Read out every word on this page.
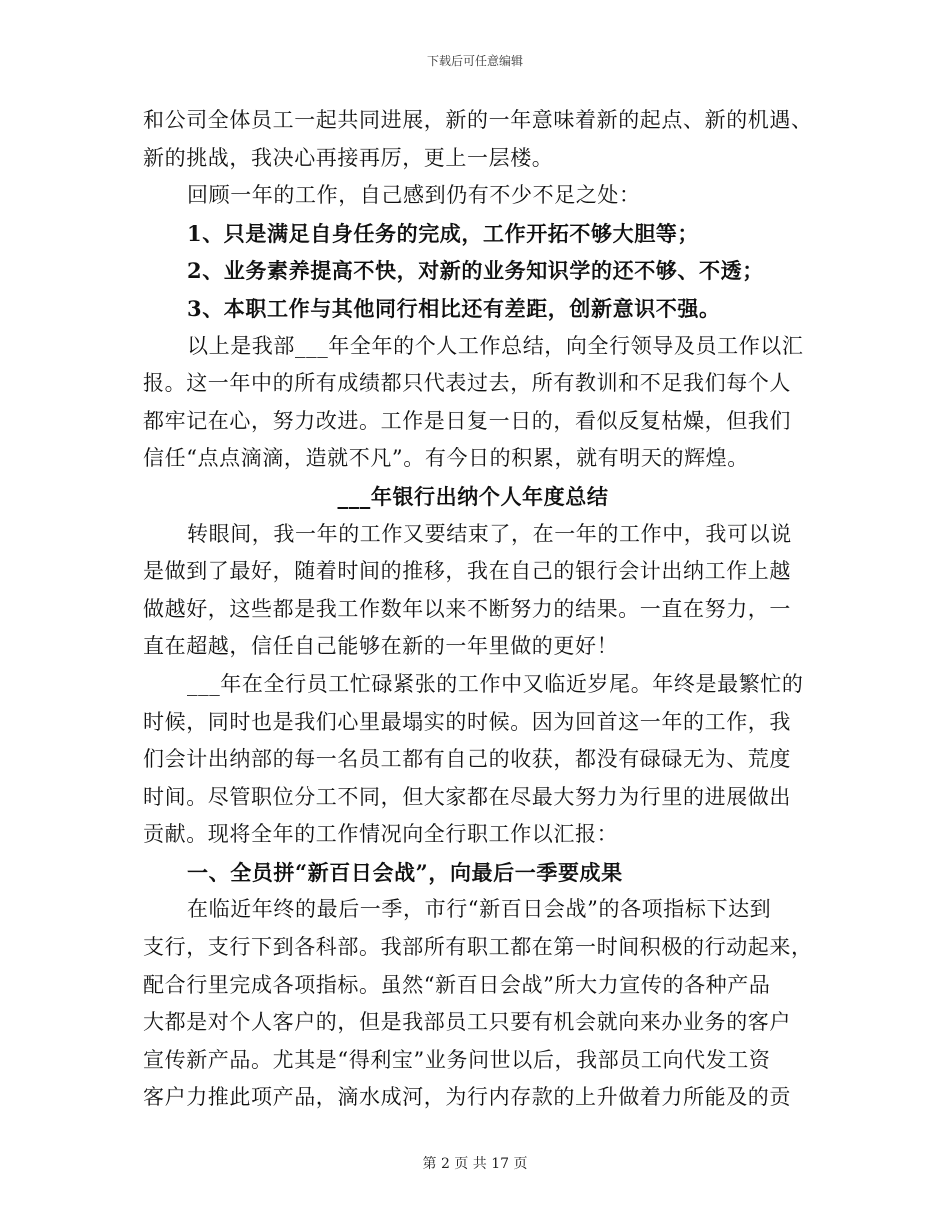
下载后可任意编辑
和公司全体员工一起共同进展，新的一年意味着新的起点、新的机遇、
新的挑战，我决心再接再厉，更上一层楼。
回顾一年的工作，自己感到仍有不少不足之处：
1、只是满足自身任务的完成，工作开拓不够大胆等；
2、业务素养提高不快，对新的业务知识学的还不够、不透；
3、本职工作与其他同行相比还有差距，创新意识不强。
以上是我部___年全年的个人工作总结，向全行领导及员工作以汇
报。这一年中的所有成绩都只代表过去，所有教训和不足我们每个人
都牢记在心，努力改进。工作是日复一日的，看似反复枯燥，但我们
信任“点点滴滴，造就不凡”。有今日的积累，就有明天的辉煌。
___年银行出纳个人年度总结
转眼间，我一年的工作又要结束了，在一年的工作中，我可以说
是做到了最好，随着时间的推移，我在自己的银行会计出纳工作上越
做越好，这些都是我工作数年以来不断努力的结果。一直在努力，一
直在超越，信任自己能够在新的一年里做的更好！
___年在全行员工忙碌紧张的工作中又临近岁尾。年终是最繁忙的
时候，同时也是我们心里最塌实的时候。因为回首这一年的工作，我
们会计出纳部的每一名员工都有自己的收获，都没有碌碌无为、荒度
时间。尽管职位分工不同，但大家都在尽最大努力为行里的进展做出
贡献。现将全年的工作情况向全行职工作以汇报：
一、全员拼“新百日会战”，向最后一季要成果
在临近年终的最后一季，市行“新百日会战”的各项指标下达到
支行，支行下到各科部。我部所有职工都在第一时间积极的行动起来，
配合行里完成各项指标。虽然“新百日会战”所大力宣传的各种产品
大都是对个人客户的，但是我部员工只要有机会就向来办业务的客户
宣传新产品。尤其是“得利宝”业务问世以后，我部员工向代发工资
客户力推此项产品，滴水成河，为行内存款的上升做着力所能及的贡
第 2 页 共 17 页
